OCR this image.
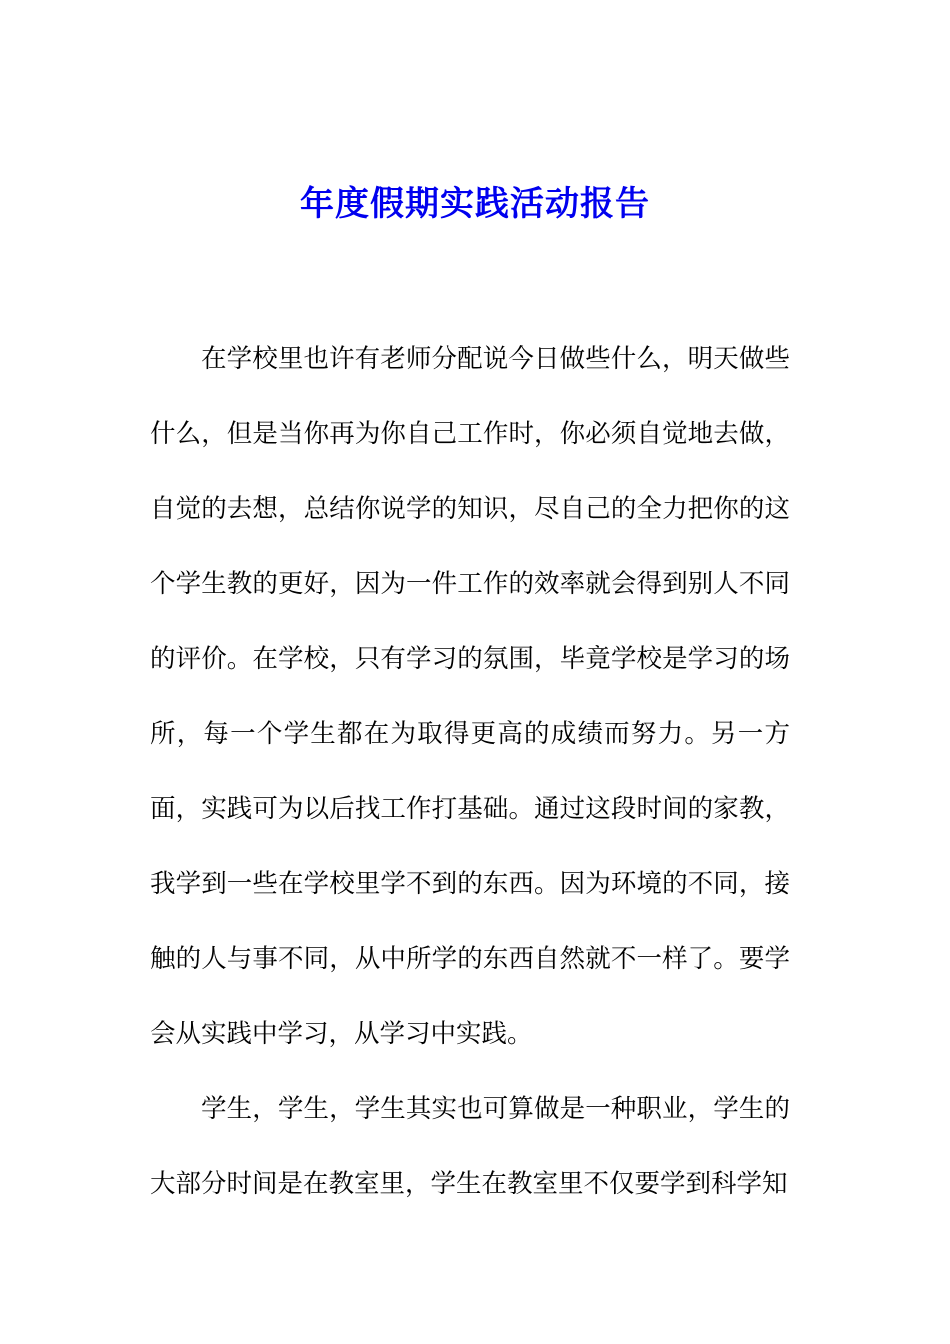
年度假期实践活动报告

在学校里也许有老师分配说今日做些什么，明天做些什么，但是当你再为你自己工作时，你必须自觉地去做，自觉的去想，总结你说学的知识，尽自己的全力把你的这个学生教的更好，因为一件工作的效率就会得到别人不同的评价。在学校，只有学习的氛围，毕竟学校是学习的场所，每一个学生都在为取得更高的成绩而努力。另一方面，实践可为以后找工作打基础。通过这段时间的家教，我学到一些在学校里学不到的东西。因为环境的不同，接触的人与事不同，从中所学的东西自然就不一样了。要学会从实践中学习，从学习中实践。

学生，学生，学生其实也可算做是一种职业，学生的大部分时间是在教室里，学生在教室里不仅要学到科学知
